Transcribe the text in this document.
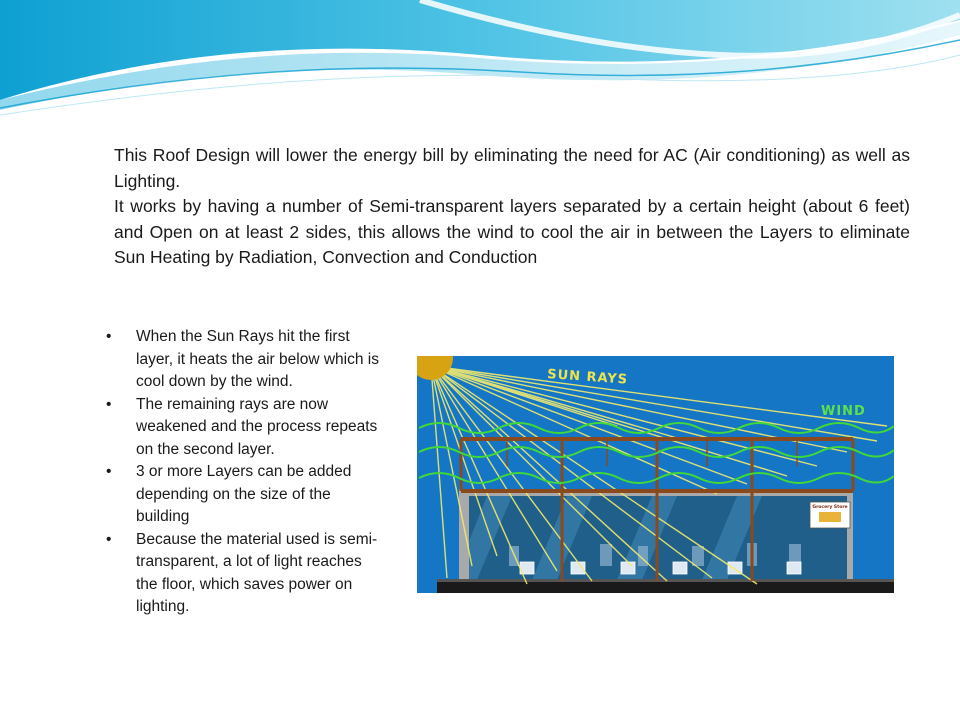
This Roof Design will lower the energy bill by eliminating the need for AC (Air conditioning) as well as Lighting.

It works by having a number of Semi-transparent layers separated by a certain height (about 6 feet) and Open on at least 2 sides, this allows the wind to cool the air in between the Layers to eliminate Sun Heating by Radiation, Convection and Conduction

• When the Sun Rays hit the first layer, it heats the air below which is cool down by the wind.
• The remaining rays are now weakened and the process repeats on the second layer.
• 3 or more Layers can be added depending on the size of the building
• Because the material used is semi-transparent, a lot of light reaches the floor, which saves power on lighting.
Grocery Store
SUN RAYS
WIND
